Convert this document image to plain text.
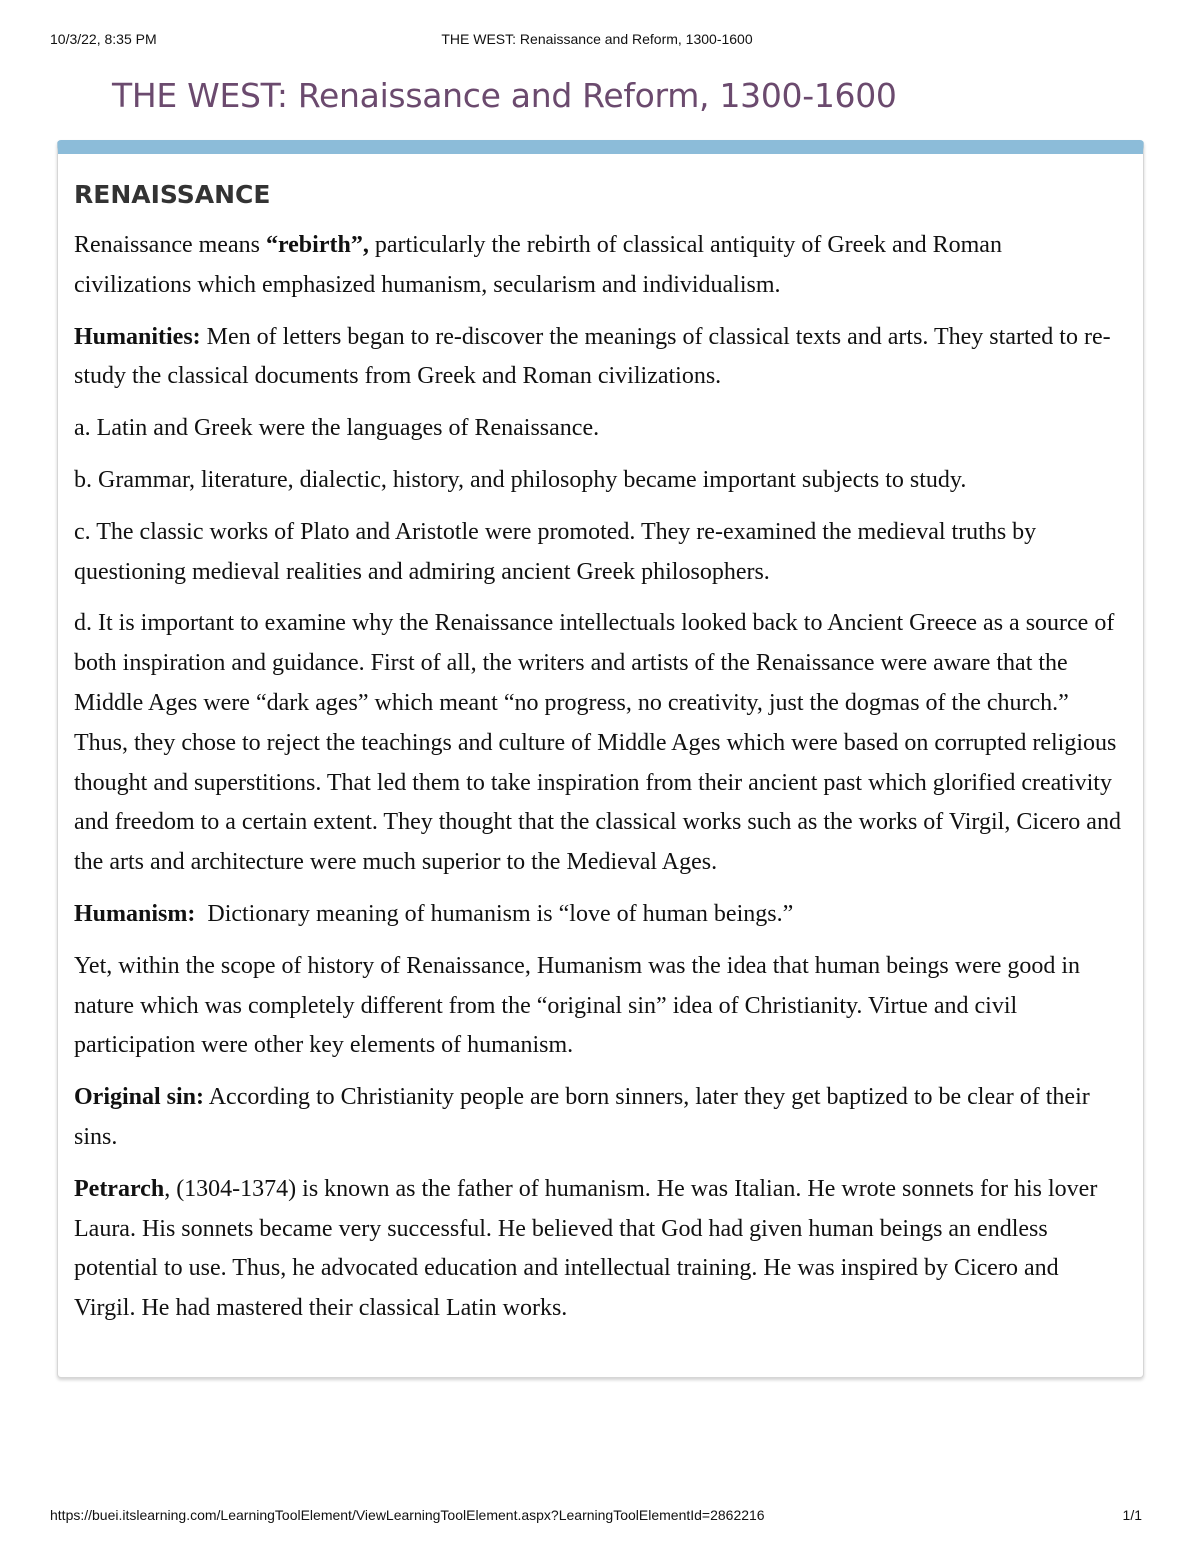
10/3/22, 8:35 PM	THE WEST: Renaissance and Reform, 1300-1600
THE WEST: Renaissance and Reform, 1300-1600
RENAISSANCE

Renaissance means “rebirth”, particularly the rebirth of classical antiquity of Greek and Roman civilizations which emphasized humanism, secularism and individualism.

Humanities: Men of letters began to re-discover the meanings of classical texts and arts. They started to re-study the classical documents from Greek and Roman civilizations.

a. Latin and Greek were the languages of Renaissance.

b. Grammar, literature, dialectic, history, and philosophy became important subjects to study.

c. The classic works of Plato and Aristotle were promoted. They re-examined the medieval truths by questioning medieval realities and admiring ancient Greek philosophers.

d. It is important to examine why the Renaissance intellectuals looked back to Ancient Greece as a source of both inspiration and guidance. First of all, the writers and artists of the Renaissance were aware that the Middle Ages were “dark ages” which meant “no progress, no creativity, just the dogmas of the church.” Thus, they chose to reject the teachings and culture of Middle Ages which were based on corrupted religious thought and superstitions. That led them to take inspiration from their ancient past which glorified creativity and freedom to a certain extent. They thought that the classical works such as the works of Virgil, Cicero and the arts and architecture were much superior to the Medieval Ages.

Humanism:  Dictionary meaning of humanism is “love of human beings.”

Yet, within the scope of history of Renaissance, Humanism was the idea that human beings were good in nature which was completely different from the “original sin” idea of Christianity. Virtue and civil participation were other key elements of humanism.

Original sin: According to Christianity people are born sinners, later they get baptized to be clear of their sins.

Petrarch, (1304-1374) is known as the father of humanism. He was Italian. He wrote sonnets for his lover Laura. His sonnets became very successful. He believed that God had given human beings an endless potential to use. Thus, he advocated education and intellectual training. He was inspired by Cicero and Virgil. He had mastered their classical Latin works.

https://buei.itslearning.com/LearningToolElement/ViewLearningToolElement.aspx?LearningToolElementId=2862216	1/1
